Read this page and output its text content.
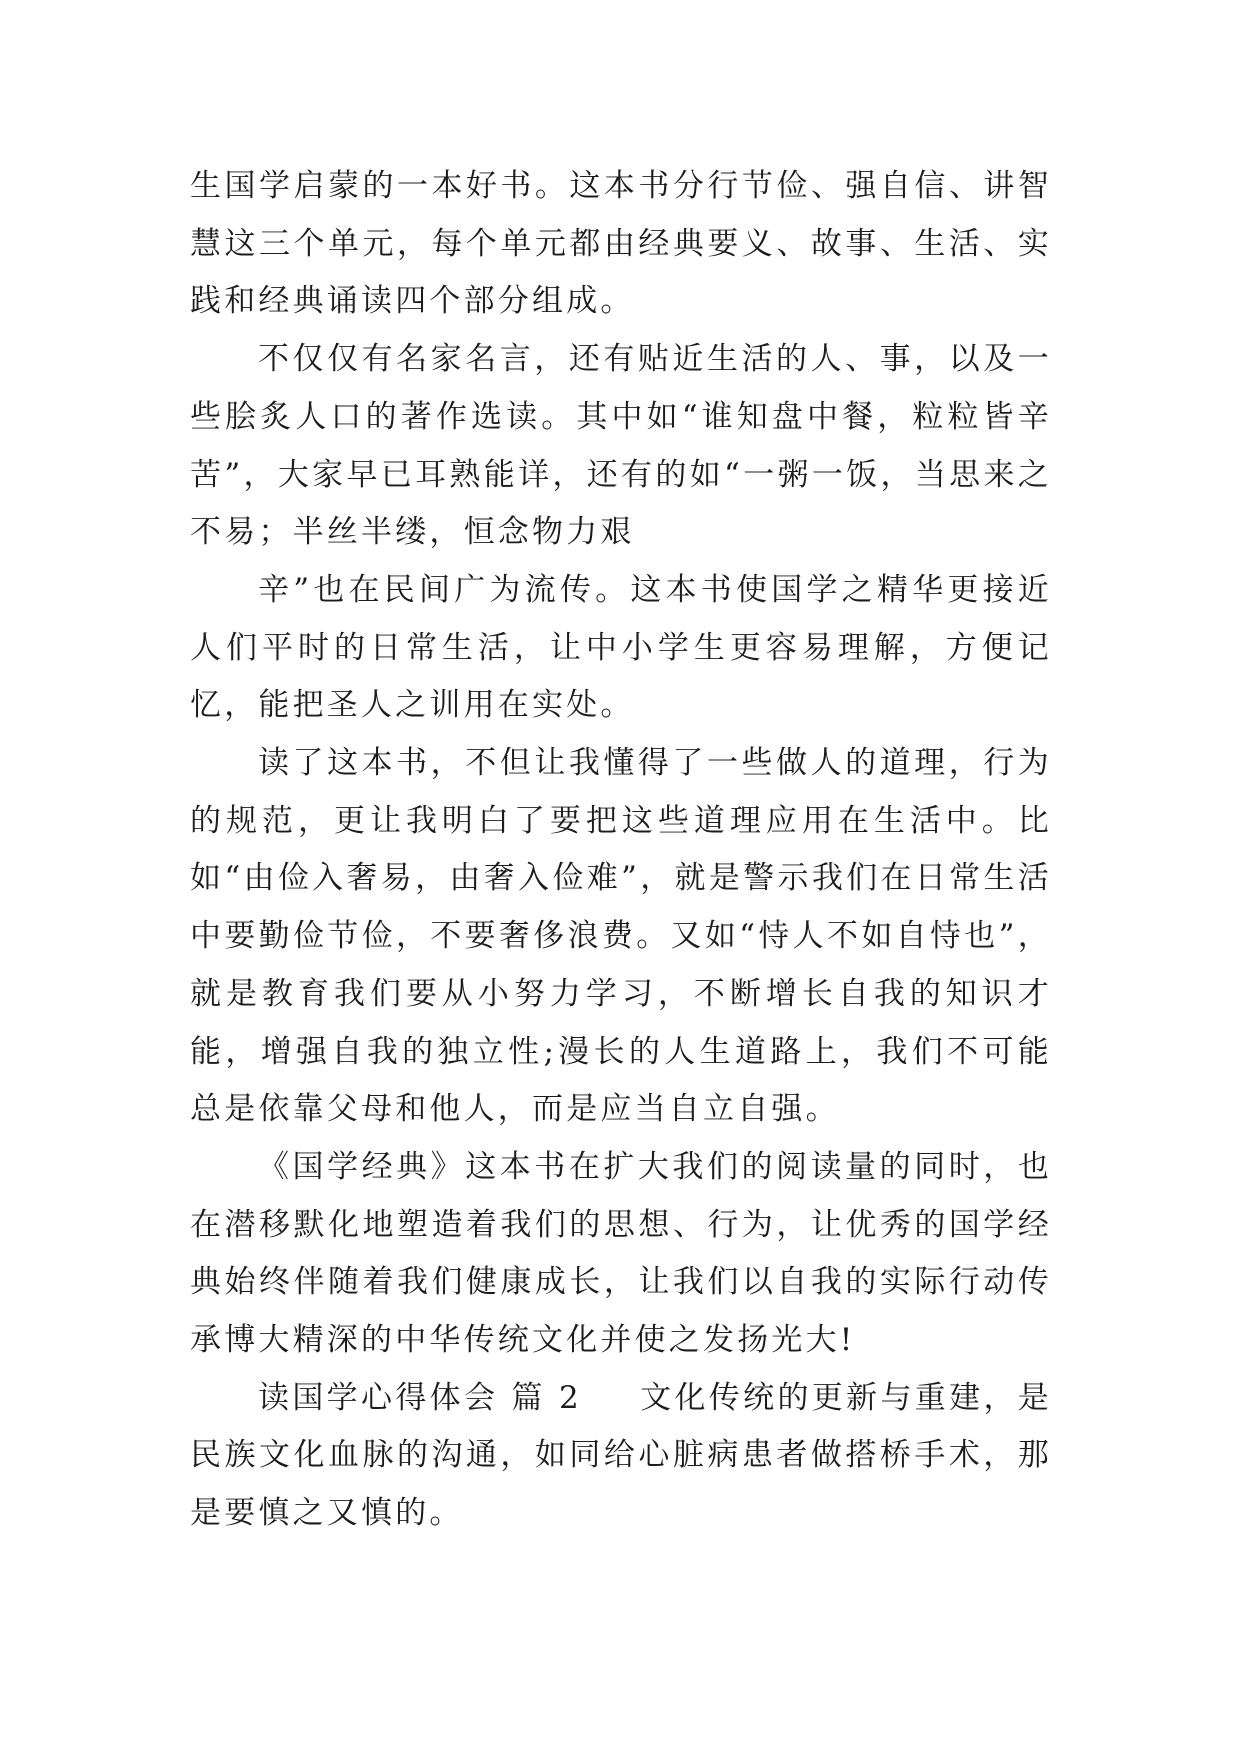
生国学启蒙的一本好书。这本书分行节俭、强自信、讲智慧这三个单元，每个单元都由经典要义、故事、生活、实践和经典诵读四个部分组成。

不仅仅有名家名言，还有贴近生活的人、事，以及一些脍炙人口的著作选读。其中如“谁知盘中餐，粒粒皆辛苦”，大家早已耳熟能详，还有的如“一粥一饭，当思来之不易；半丝半缕，恒念物力艰

辛”也在民间广为流传。这本书使国学之精华更接近人们平时的日常生活，让中小学生更容易理解，方便记忆，能把圣人之训用在实处。

读了这本书，不但让我懂得了一些做人的道理，行为的规范，更让我明白了要把这些道理应用在生活中。比如“由俭入奢易，由奢入俭难”，就是警示我们在日常生活中要勤俭节俭，不要奢侈浪费。又如“恃人不如自恃也”，就是教育我们要从小努力学习，不断增长自我的知识才能，增强自我的独立性;漫长的人生道路上，我们不可能总是依靠父母和他人，而是应当自立自强。

《国学经典》这本书在扩大我们的阅读量的同时，也在潜移默化地塑造着我们的思想、行为，让优秀的国学经典始终伴随着我们健康成长，让我们以自我的实际行动传承博大精深的中华传统文化并使之发扬光大!

读国学心得体会 篇 2 文化传统的更新与重建，是民族文化血脉的沟通，如同给心脏病患者做搭桥手术，那是要慎之又慎的。
